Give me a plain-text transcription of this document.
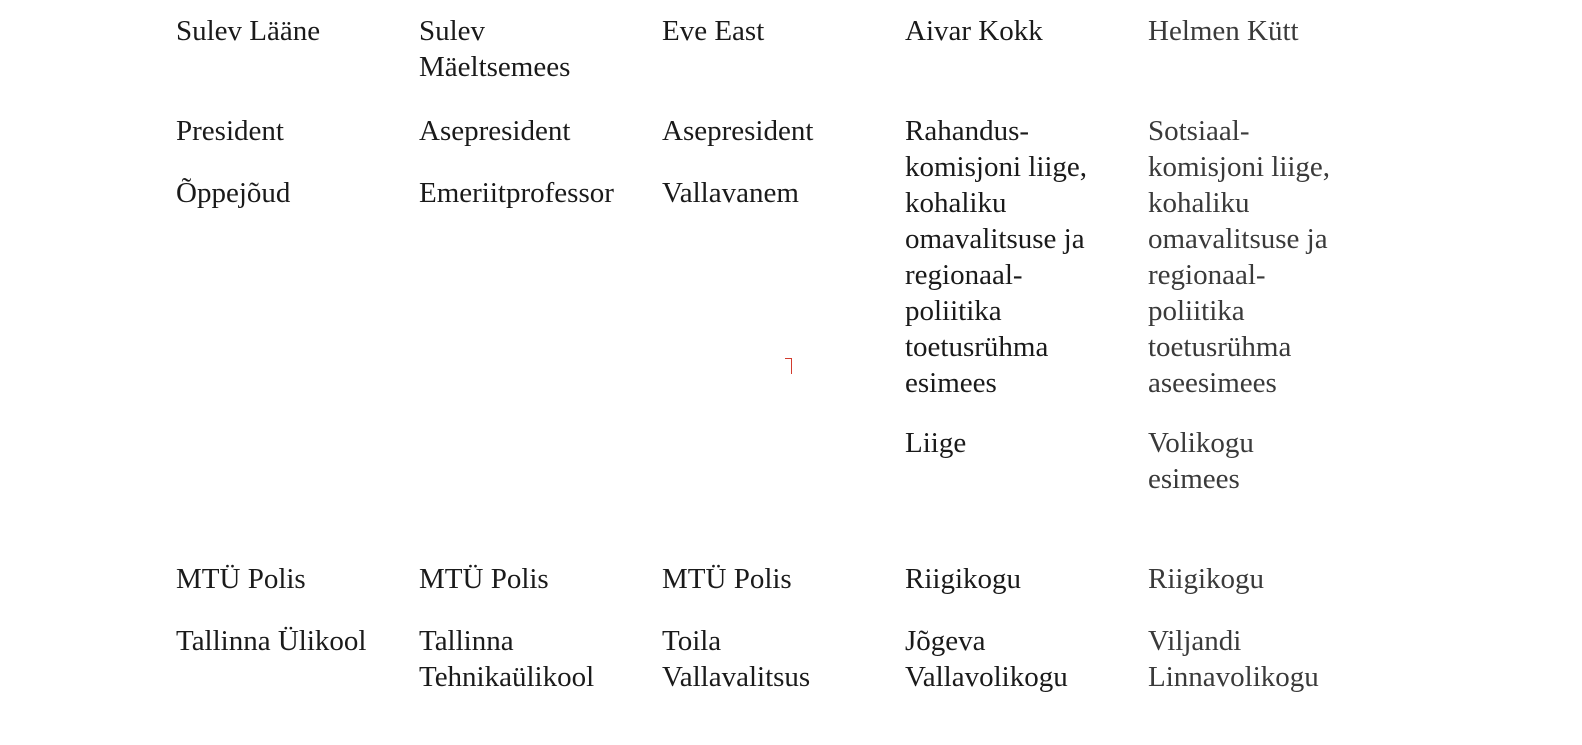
Sulev Lääne
President
Õppejõud
MTÜ Polis
Tallinna Ülikool
Sulev
Mäeltsemees
Asepresident
Emeriitprofessor
MTÜ Polis
Tallinna
Tehnikaülikool
Eve East
Asepresident
Vallavanem
MTÜ Polis
Toila
Vallavalitsus
Aivar Kokk
Rahandus-
komisjoni liige,
kohaliku
omavalitsuse ja
regionaal-
poliitika
toetusrühma
esimees
Liige
Riigikogu
Jõgeva
Vallavolikogu
Helmen Kütt
Sotsiaal-
komisjoni liige,
kohaliku
omavalitsuse ja
regionaal-
poliitika
toetusrühma
aseesimees
Volikogu
esimees
Riigikogu
Viljandi
Linnavolikogu
